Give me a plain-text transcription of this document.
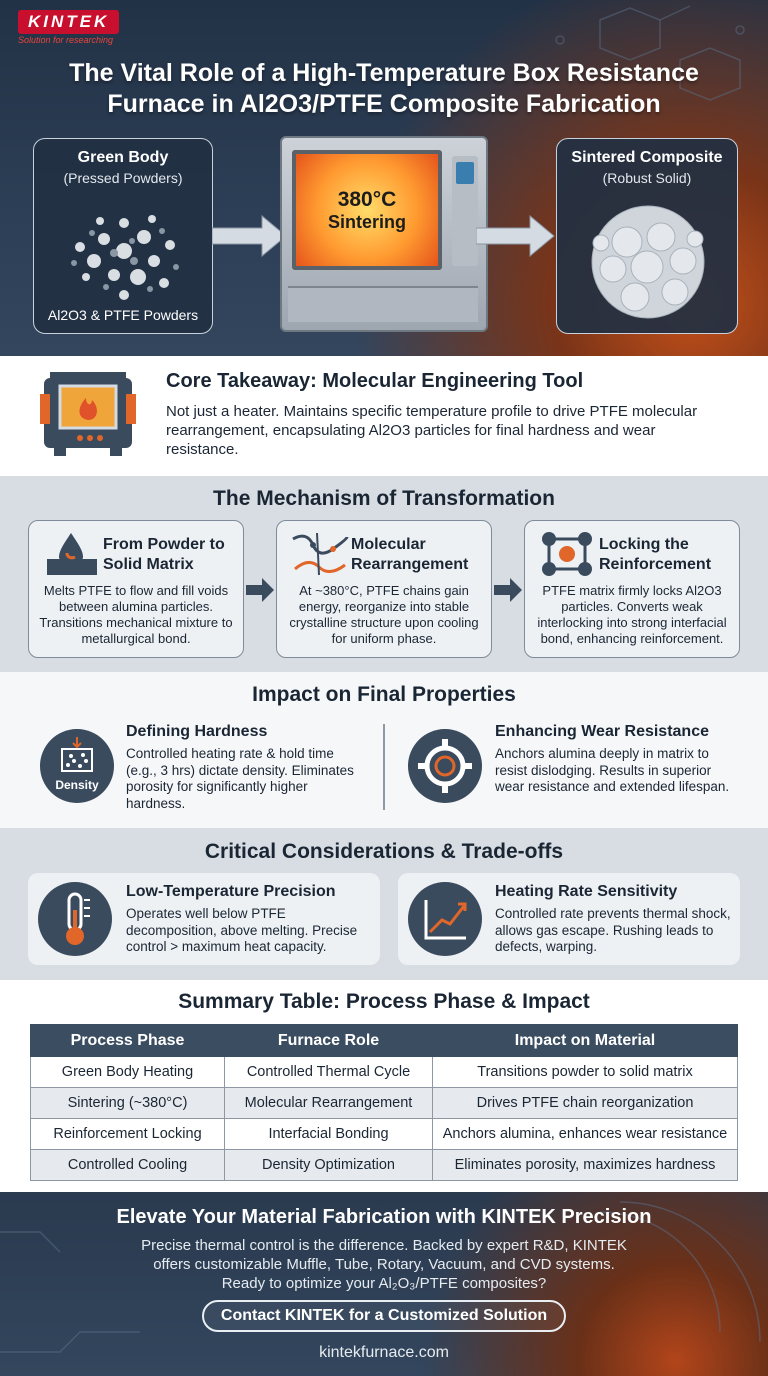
KINTEK
Solution for researching
The Vital Role of a High-Temperature Box Resistance
Furnace in Al2O3/PTFE Composite Fabrication
Green Body
(Pressed Powders)
Al2O3 & PTFE Powders
380°C
Sintering
Sintered Composite
(Robust Solid)
Core Takeaway: Molecular Engineering Tool
Not just a heater. Maintains specific temperature profile to drive PTFE molecular rearrangement, encapsulating Al2O3 particles for final hardness and wear resistance.
The Mechanism of Transformation
From Powder to Solid Matrix
Melts PTFE to flow and fill voids between alumina particles. Transitions mechanical mixture to metallurgical bond.
Molecular Rearrangement
At ~380°C, PTFE chains gain energy, reorganize into stable crystalline structure upon cooling for uniform phase.
Locking the Reinforcement
PTFE matrix firmly locks Al2O3 particles. Converts weak interlocking into strong interfacial bond, enhancing reinforcement.
Impact on Final Properties
Density
Defining Hardness
Controlled heating rate & hold time (e.g., 3 hrs) dictate density. Eliminates porosity for significantly higher hardness.
Enhancing Wear Resistance
Anchors alumina deeply in matrix to resist dislodging. Results in superior wear resistance and extended lifespan.
Critical Considerations & Trade-offs
Low-Temperature Precision
Operates well below PTFE decomposition, above melting. Precise control > maximum heat capacity.
Heating Rate Sensitivity
Controlled rate prevents thermal shock, allows gas escape. Rushing leads to defects, warping.
Summary Table: Process Phase & Impact
Process Phase	Furnace Role	Impact on Material
Green Body Heating	Controlled Thermal Cycle	Transitions powder to solid matrix
Sintering (~380°C)	Molecular Rearrangement	Drives PTFE chain reorganization
Reinforcement Locking	Interfacial Bonding	Anchors alumina, enhances wear resistance
Controlled Cooling	Density Optimization	Eliminates porosity, maximizes hardness
Elevate Your Material Fabrication with KINTEK Precision
Precise thermal control is the difference. Backed by expert R&D, KINTEK
offers customizable Muffle, Tube, Rotary, Vacuum, and CVD systems.
Ready to optimize your Al₂O₃/PTFE composites?
Contact KINTEK for a Customized Solution
kintekfurnace.com
